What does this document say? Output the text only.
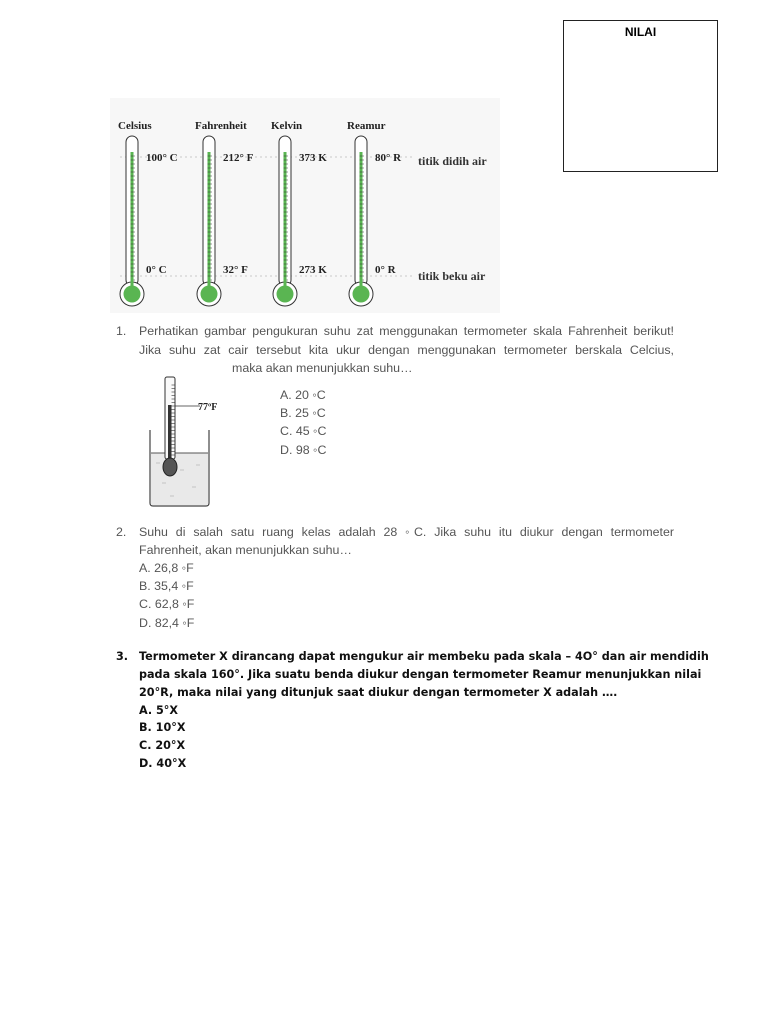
NILAI
Celsius
100° C
0° C
Fahrenheit
212° F
32° F
Kelvin
373 K
273 K
Reamur
80° R
0° R
titik didih air
titik beku air
1. Perhatikan gambar pengukuran suhu zat menggunakan termometer skala Fahrenheit berikut!
Jika suhu zat cair tersebut kita ukur dengan menggunakan termometer berskala Celcius,
maka akan menunjukkan suhu…
77ºF
A. 20 ◦C
B. 25 ◦C
C. 45 ◦C
D. 98 ◦C
2. Suhu di salah satu ruang kelas adalah 28 ◦C. Jika suhu itu diukur dengan termometer
Fahrenheit, akan menunjukkan suhu…
A. 26,8 ◦F
B. 35,4 ◦F
C. 62,8 ◦F
D. 82,4 ◦F
3. Termometer X dirancang dapat mengukur air membeku pada skala – 4O° dan air mendidih
pada skala 160°. Jika suatu benda diukur dengan termometer Reamur menunjukkan nilai
20°R, maka nilai yang ditunjuk saat diukur dengan termometer X adalah ….
A. 5°X
B. 10°X
C. 20°X
D. 40°X
